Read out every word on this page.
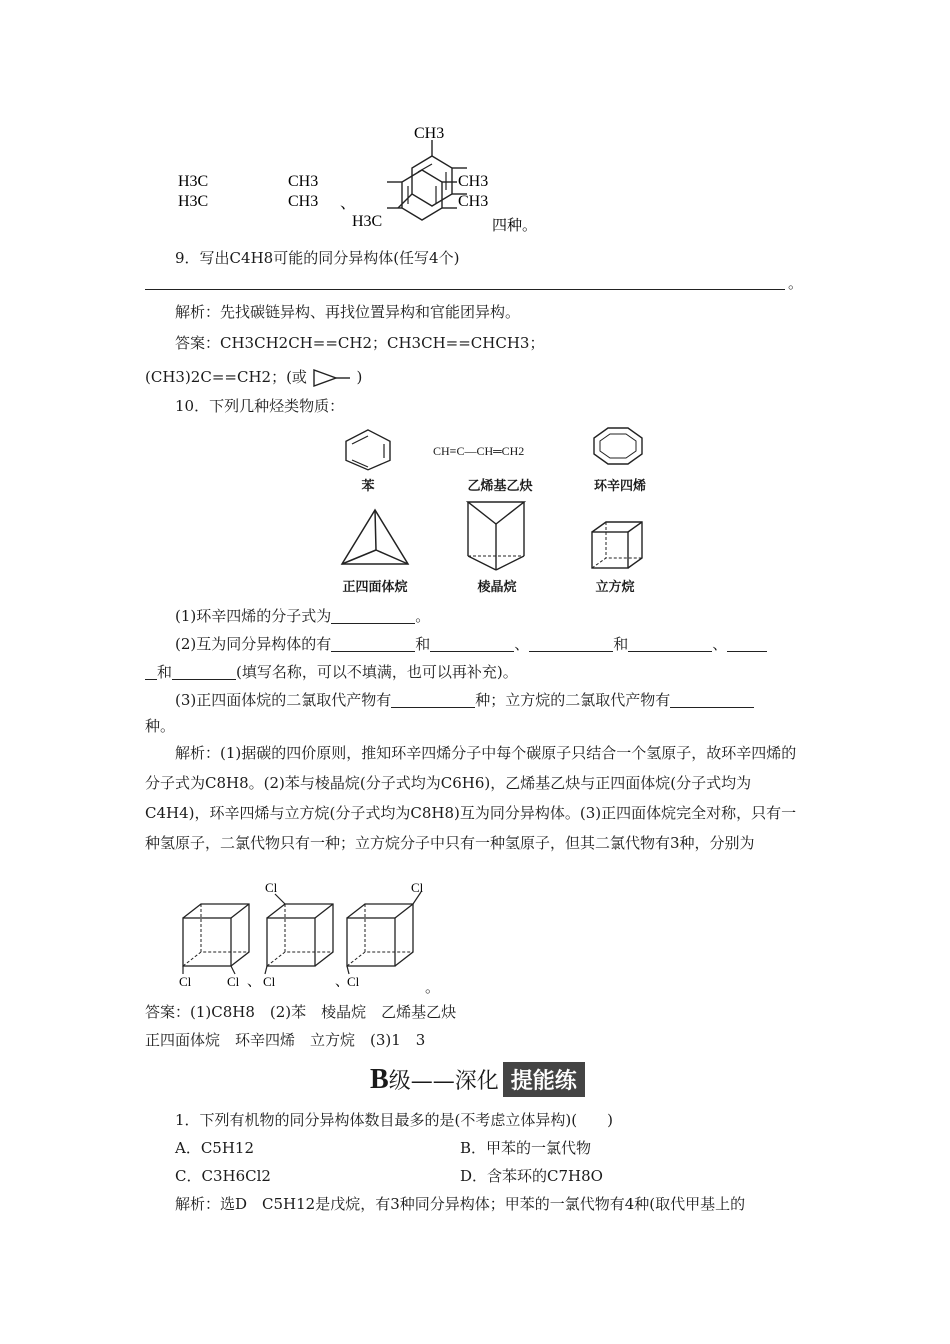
H3C
H3C
CH3
CH3 、
CH3
CH3
CH3
H3C	四种。
9．写出C4H8可能的同分异构体(任写4个)
。
解析：先找碳链异构、再找位置异构和官能团异构。
答案：CH3CH2CH==CH2；CH3CH==CHCH3；
(CH3)2C==CH2；(或	)
10．下列几种烃类物质：
苯
CH≡C—CH═CH2
乙烯基乙炔	环辛四烯
正四面体烷	棱晶烷	立方烷
(1)环辛四烯的分子式为	。
(2)互为同分异构体的有	和	、	和	、
和	(填写名称，可以不填满，也可以再补充)。
(3)正四面体烷的二氯取代产物有	种；立方烷的二氯取代产物有
种。
解析：(1)据碳的四价原则，推知环辛四烯分子中每个碳原子只结合一个氢原子，故环辛四烯的分子式为C8H8。(2)苯与棱晶烷(分子式均为C6H6)，乙烯基乙炔与正四面体烷(分子式均为C4H4)，环辛四烯与立方烷(分子式均为C8H8)互为同分异构体。(3)正四面体烷完全对称，只有一种氢原子，二氯代物只有一种；立方烷分子中只有一种氢原子，但其二氯代物有3种，分别为
Cl	Cl 、
Cl
Cl	、
Cl
Cl	。
答案：(1)C8H8　(2)苯　棱晶烷　乙烯基乙炔
正四面体烷　环辛四烯　立方烷　(3)1　3
B级——深化 提能练
1．下列有机物的同分异构体数目最多的是(不考虑立体异构)(　　)
A．C5H12	B．甲苯的一氯代物
C．C3H6Cl2	D．含苯环的C7H8O
解析：选D　C5H12是戊烷，有3种同分异构体；甲苯的一氯代物有4种(取代甲基上的
